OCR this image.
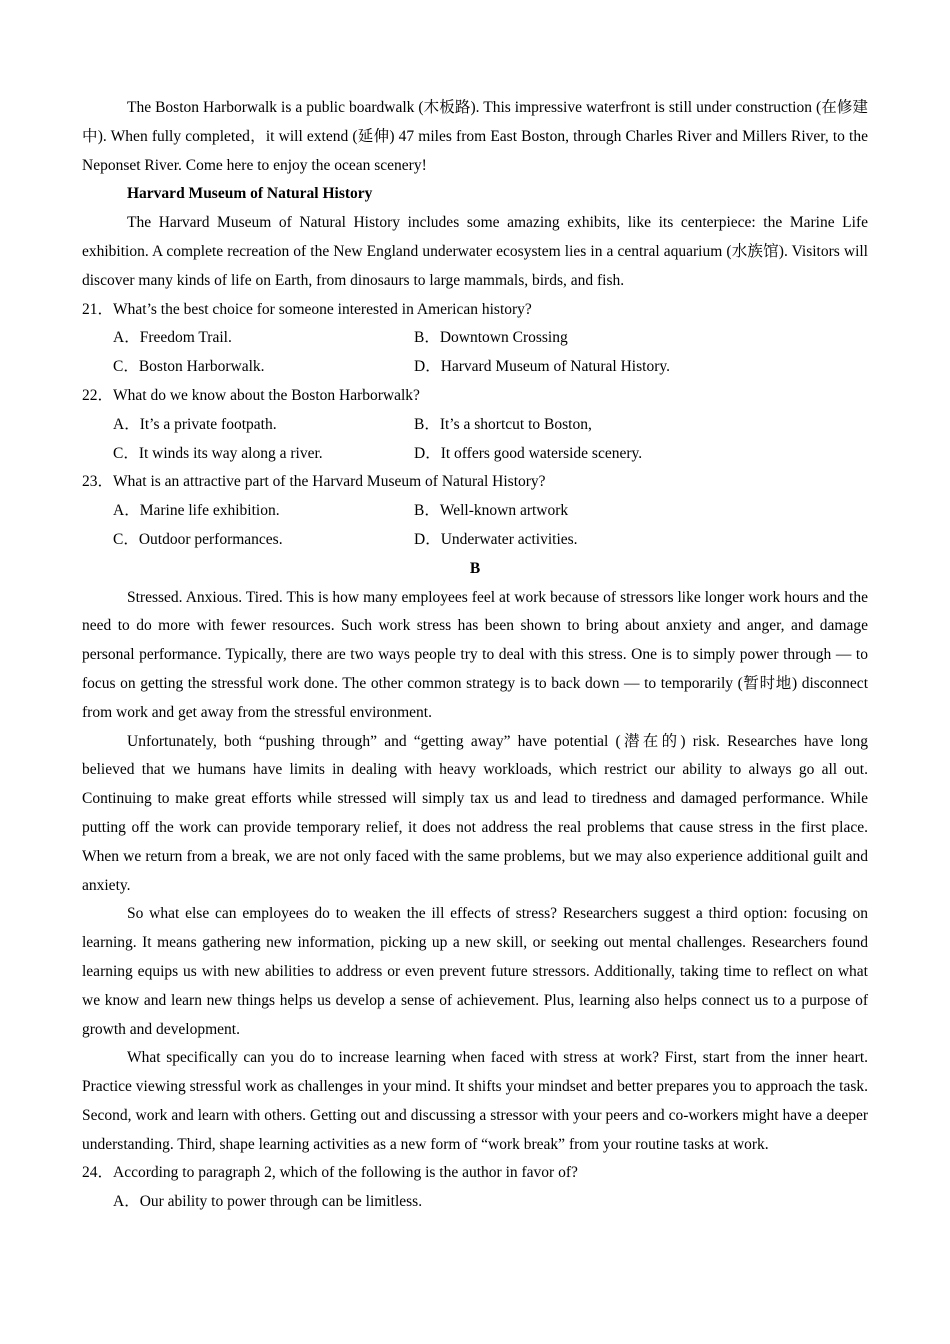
The Boston Harborwalk is a public boardwalk (木板路). This impressive waterfront is still under construction (在修建中). When fully completed，it will extend (延伸) 47 miles from East Boston, through Charles River and Millers River, to the Neponset River. Come here to enjoy the ocean scenery!

Harvard Museum of Natural History

The Harvard Museum of Natural History includes some amazing exhibits, like its centerpiece: the Marine Life exhibition. A complete recreation of the New England underwater ecosystem lies in a central aquarium (水族馆). Visitors will discover many kinds of life on Earth, from dinosaurs to large mammals, birds, and fish.

21．What’s the best choice for someone interested in American history?
A．Freedom Trail.	B．Downtown Crossing
C．Boston Harborwalk.	D．Harvard Museum of Natural History.
22．What do we know about the Boston Harborwalk?
A．It’s a private footpath.	B．It’s a shortcut to Boston,
C．It winds its way along a river.	D．It offers good waterside scenery.
23．What is an attractive part of the Harvard Museum of Natural History?
A．Marine life exhibition.	B．Well-known artwork
C．Outdoor performances.	D．Underwater activities.

B

Stressed. Anxious. Tired. This is how many employees feel at work because of stressors like longer work hours and the need to do more with fewer resources. Such work stress has been shown to bring about anxiety and anger, and damage personal performance. Typically, there are two ways people try to deal with this stress. One is to simply power through — to focus on getting the stressful work done. The other common strategy is to back down — to temporarily (暂时地) disconnect from work and get away from the stressful environment.

Unfortunately, both “pushing through” and “getting away” have potential (潜在的) risk. Researches have long believed that we humans have limits in dealing with heavy workloads, which restrict our ability to always go all out. Continuing to make great efforts while stressed will simply tax us and lead to tiredness and damaged performance. While putting off the work can provide temporary relief, it does not address the real problems that cause stress in the first place. When we return from a break, we are not only faced with the same problems, but we may also experience additional guilt and anxiety.

So what else can employees do to weaken the ill effects of stress? Researchers suggest a third option: focusing on learning. It means gathering new information, picking up a new skill, or seeking out mental challenges. Researchers found learning equips us with new abilities to address or even prevent future stressors. Additionally, taking time to reflect on what we know and learn new things helps us develop a sense of achievement. Plus, learning also helps connect us to a purpose of growth and development.

What specifically can you do to increase learning when faced with stress at work? First, start from the inner heart. Practice viewing stressful work as challenges in your mind. It shifts your mindset and better prepares you to approach the task. Second, work and learn with others. Getting out and discussing a stressor with your peers and co-workers might have a deeper understanding. Third, shape learning activities as a new form of “work break” from your routine tasks at work.

24．According to paragraph 2, which of the following is the author in favor of?
A．Our ability to power through can be limitless.
